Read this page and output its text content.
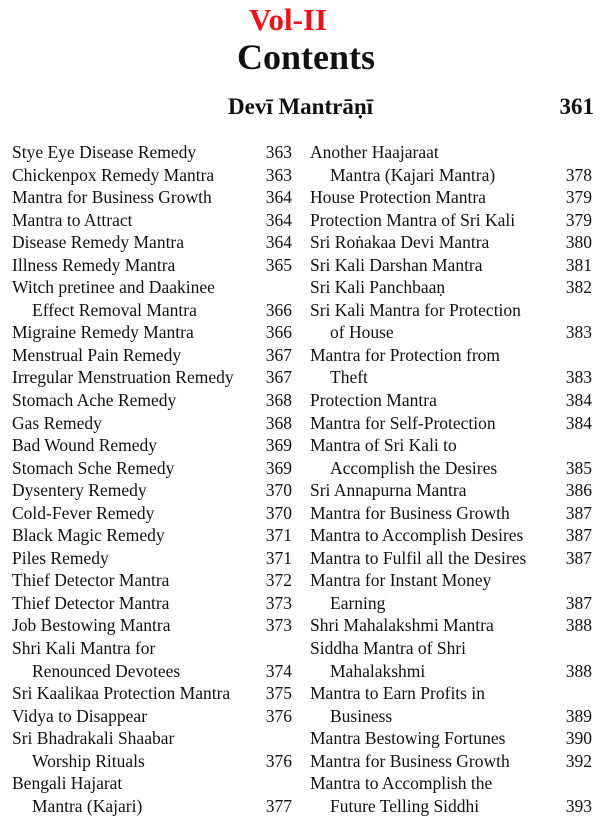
Vol-II
Contents
Devī Mantrāṇī	361
Stye Eye Disease Remedy	363
Chickenpox Remedy Mantra	363
Mantra for Business Growth	364
Mantra to Attract	364
Disease Remedy Mantra	364
Illness Remedy Mantra	365
Witch pretinee and Daakinee
Effect Removal Mantra	366
Migraine Remedy Mantra	366
Menstrual Pain Remedy	367
Irregular Menstruation Remedy 367
Stomach Ache Remedy	368
Gas Remedy	368
Bad Wound Remedy	369
Stomach Sche Remedy	369
Dysentery Remedy	370
Cold-Fever Remedy	370
Black Magic Remedy	371
Piles Remedy	371
Thief Detector Mantra	372
Thief Detector Mantra	373
Job Bestowing Mantra	373
Shri Kali Mantra for
Renounced Devotees	374
Sri Kaalikaa Protection Mantra 375
Vidya to Disappear	376
Sri Bhadrakali Shaabar
Worship Rituals	376
Bengali Hajarat
Mantra (Kajari)	377
Another Haajaraat
Mantra (Kajari Mantra)	378
House Protection Mantra	379
Protection Mantra of Sri Kali	379
Sri Roṅakaa Devi Mantra	380
Sri Kali Darshan Mantra	381
Sri Kali Panchbaaṇ	382
Sri Kali Mantra for Protection
of House	383
Mantra for Protection from
Theft	383
Protection Mantra	384
Mantra for Self-Protection	384
Mantra of Sri Kali to
Accomplish the Desires	385
Sri Annapurna Mantra	386
Mantra for Business Growth	387
Mantra to Accomplish Desires 387
Mantra to Fulfil all the Desires 387
Mantra for Instant Money
Earning	387
Shri Mahalakshmi Mantra	388
Siddha Mantra of Shri
Mahalakshmi	388
Mantra to Earn Profits in
Business	389
Mantra Bestowing Fortunes	390
Mantra for Business Growth	392
Mantra to Accomplish the
Future Telling Siddhi	393
